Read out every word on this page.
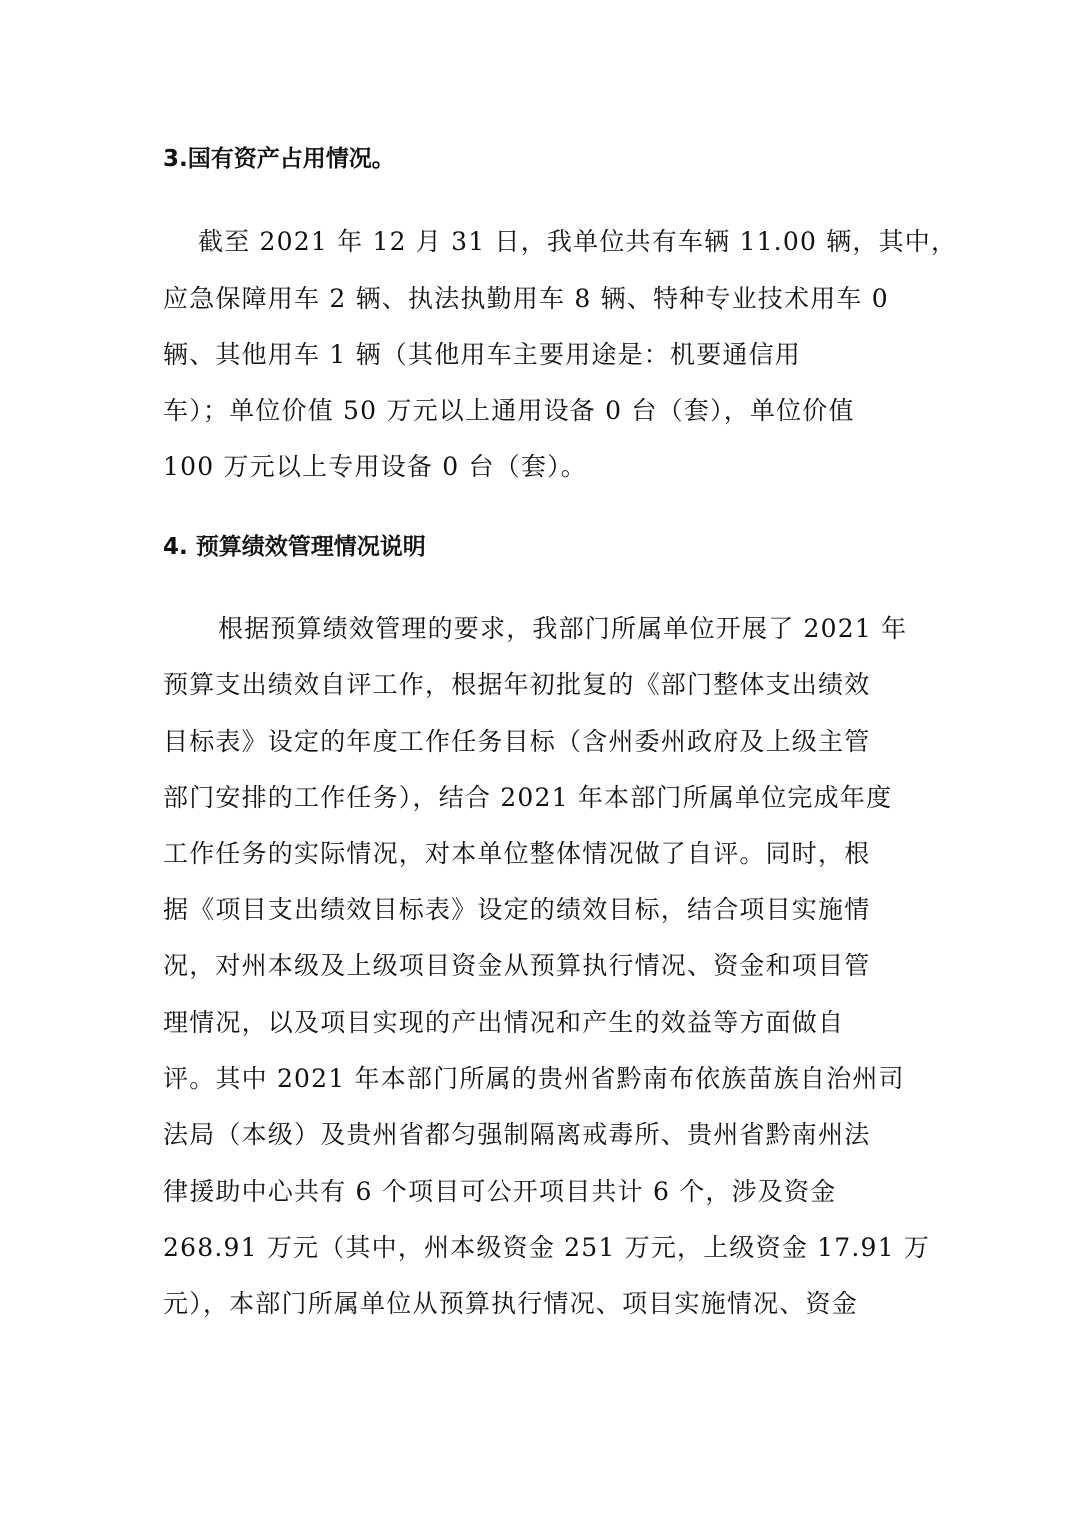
3.国有资产占用情况。
截至 2021 年 12 月 31 日，我单位共有车辆 11.00 辆，其中，
应急保障用车 2 辆、执法执勤用车 8 辆、特种专业技术用车 0
辆、其他用车 1 辆（其他用车主要用途是：机要通信用
车）；单位价值 50 万元以上通用设备 0 台（套），单位价值
100 万元以上专用设备 0 台（套）。
4. 预算绩效管理情况说明
根据预算绩效管理的要求，我部门所属单位开展了 2021 年
预算支出绩效自评工作，根据年初批复的《部门整体支出绩效
目标表》设定的年度工作任务目标（含州委州政府及上级主管
部门安排的工作任务），结合 2021 年本部门所属单位完成年度
工作任务的实际情况，对本单位整体情况做了自评。同时，根
据《项目支出绩效目标表》设定的绩效目标，结合项目实施情
况，对州本级及上级项目资金从预算执行情况、资金和项目管
理情况，以及项目实现的产出情况和产生的效益等方面做自
评。其中 2021 年本部门所属的贵州省黔南布依族苗族自治州司
法局（本级）及贵州省都匀强制隔离戒毒所、贵州省黔南州法
律援助中心共有 6 个项目可公开项目共计 6 个，涉及资金
268.91 万元（其中，州本级资金 251 万元，上级资金 17.91 万
元），本部门所属单位从预算执行情况、项目实施情况、资金
